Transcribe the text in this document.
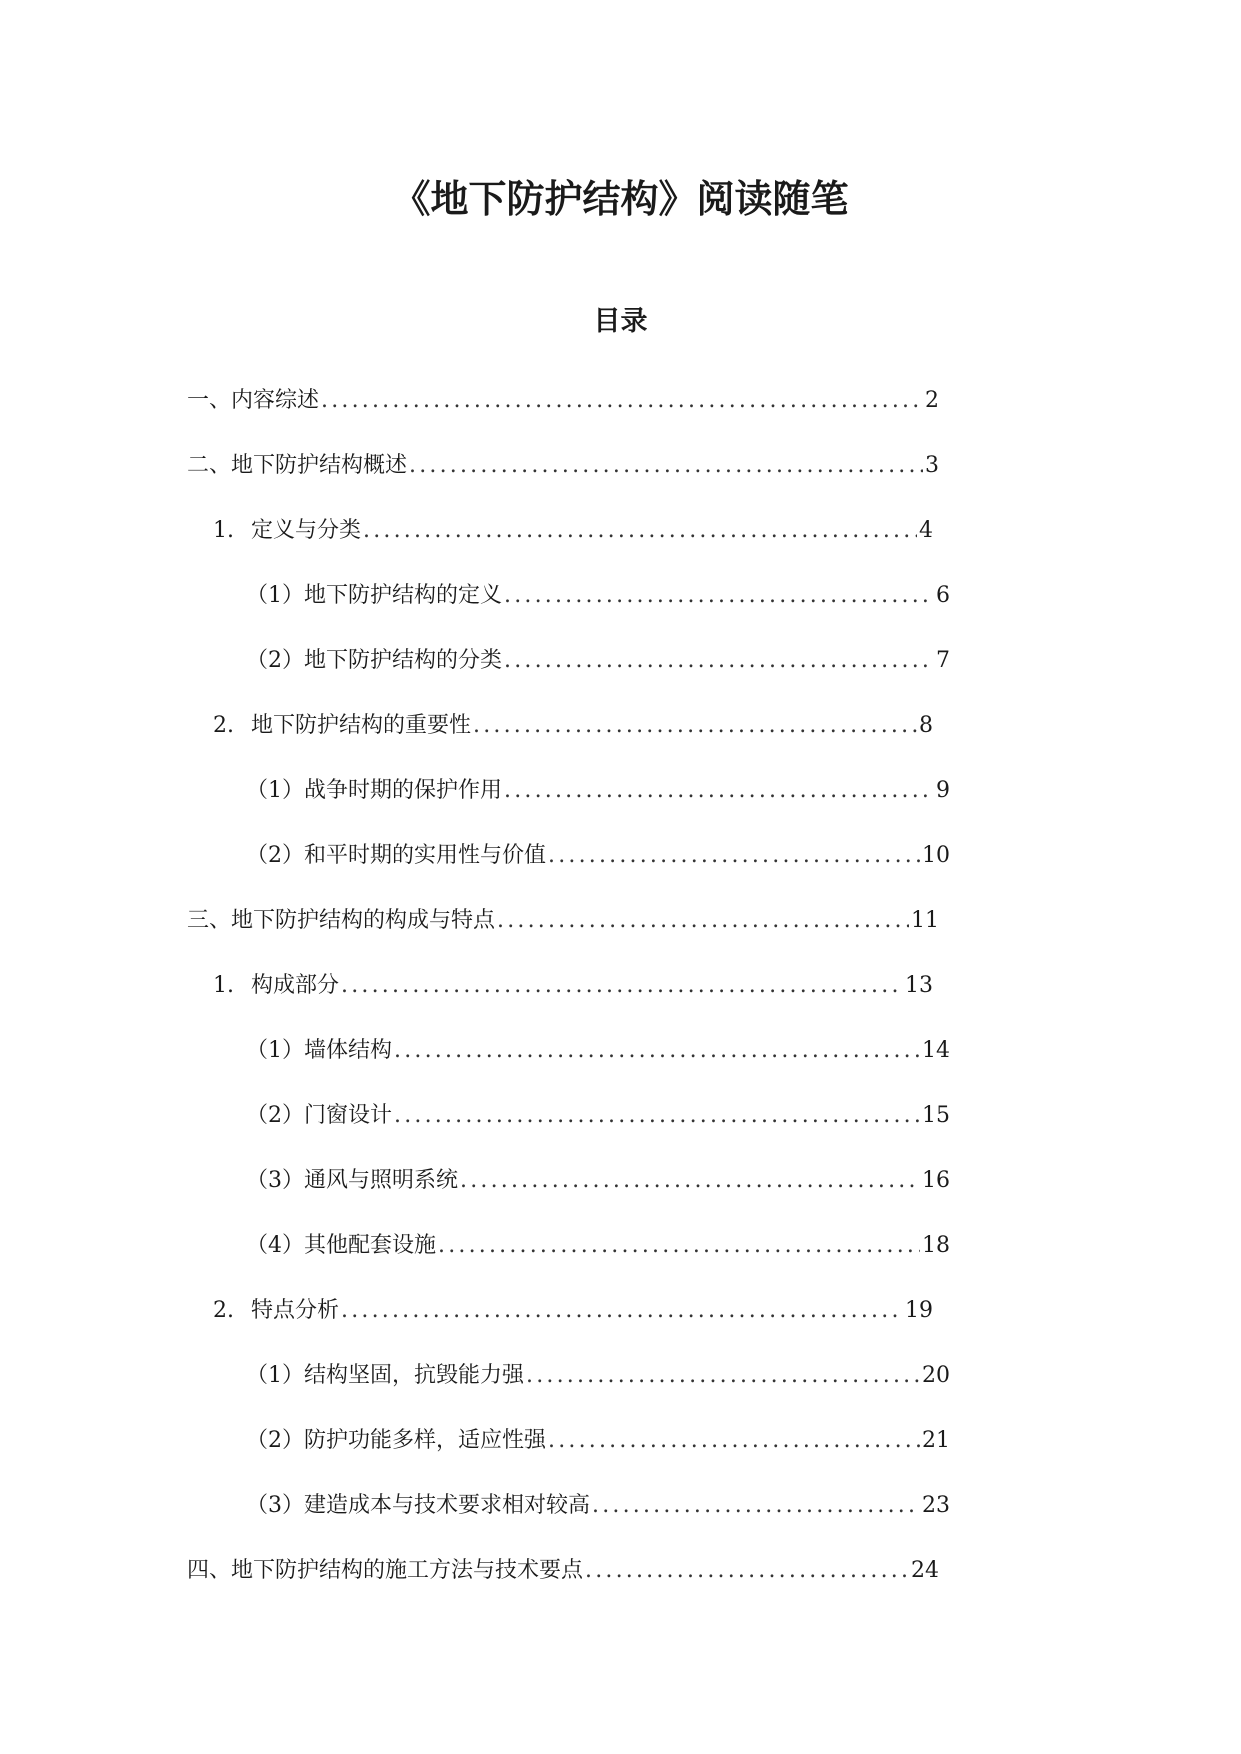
《地下防护结构》阅读随笔
目录
一、内容综述 .....	2
二、地下防护结构概述 .....	3
1. 定义与分类 .....	4
（1）地下防护结构的定义 .....	6
（2）地下防护结构的分类 .....	7
2. 地下防护结构的重要性 .....	8
（1）战争时期的保护作用 .....	9
（2）和平时期的实用性与价值 .....	10
三、地下防护结构的构成与特点 .....	11
1. 构成部分 .....	13
（1）墙体结构 .....	14
（2）门窗设计 .....	15
（3）通风与照明系统 .....	16
（4）其他配套设施 .....	18
2. 特点分析 .....	19
（1）结构坚固，抗毁能力强 .....	20
（2）防护功能多样，适应性强 .....	21
（3）建造成本与技术要求相对较高 .....	23
四、地下防护结构的施工方法与技术要点 .....	24
